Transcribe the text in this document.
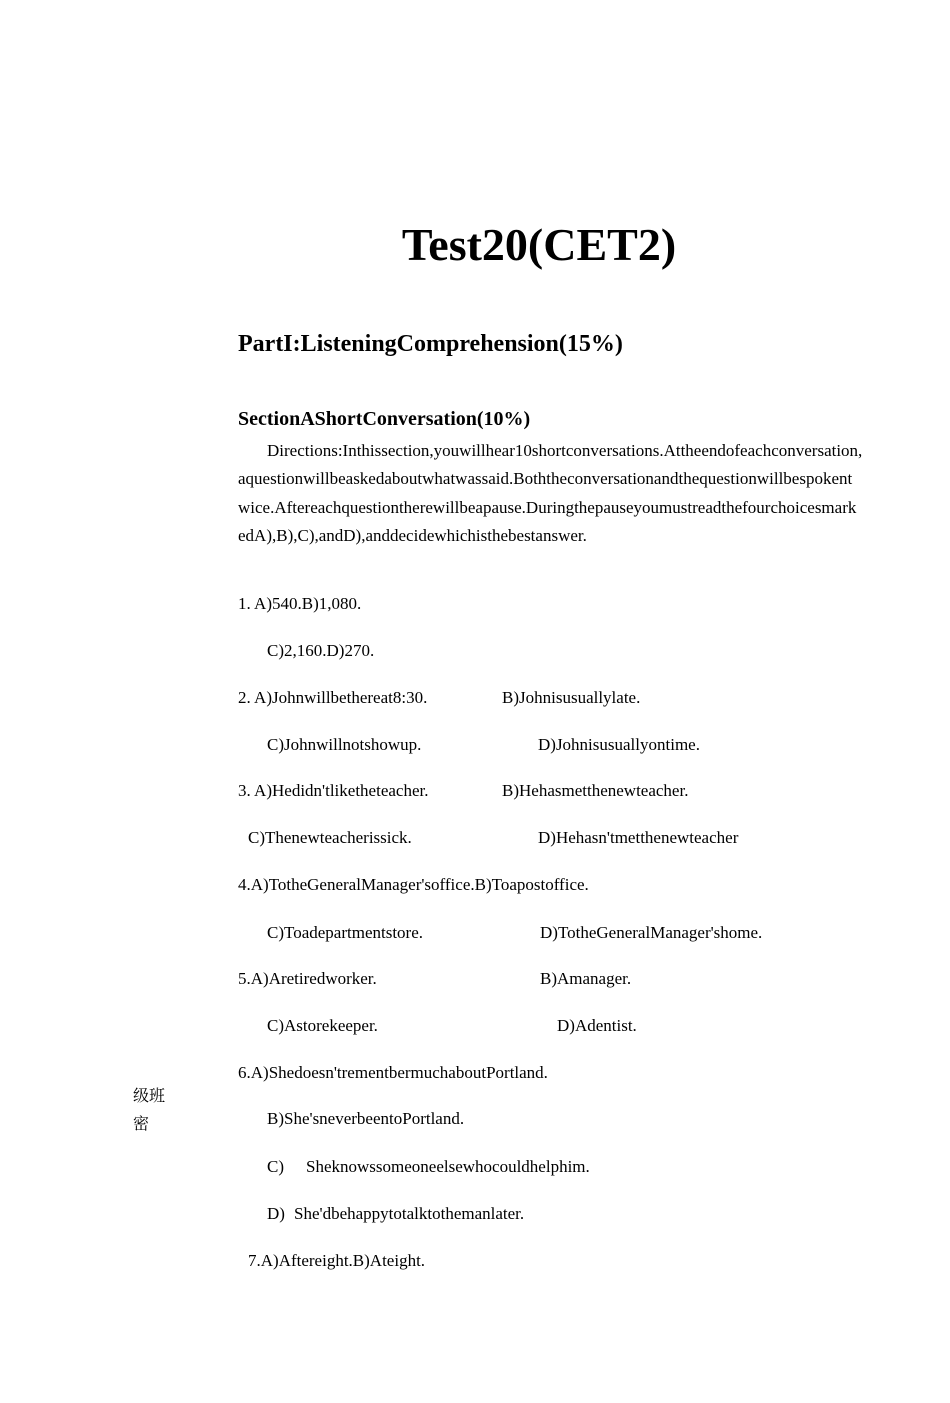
Test20(CET2)
PartI:ListeningComprehension(15%)
SectionAShortConversation(10%)
Directions:Inthissection,youwillhear10shortconversations.Attheendofeachconversation,
aquestionwillbeaskedaboutwhatwassaid.Boththeconversationandthequestionwillbespokent
wice.Aftereachquestiontherewillbeapause.Duringthepauseyoumustreadthefourchoicesmark
edA),B),C),andD),anddecidewhichisthebestanswer.
1. A)540.B)1,080.
C)2,160.D)270.
2. A)Johnwillbethereat8:30.	B)Johnisusuallylate.
C)Johnwillnotshowup.	D)Johnisusuallyontime.
3. A)Hedidn'tliketheteacher.	B)Hehasmetthenewteacher.
C)Thenewteacherissick.	D)Hehasn'tmetthenewteacher
4.A)TotheGeneralManager'soffice.B)Toapostoffice.
C)Toadepartmentstore.	D)TotheGeneralManager'shome.
5.A)Aretiredworker.	B)Amanager.
C)Astorekeeper.	D)Adentist.
6.A)Shedoesn'trementbermuchaboutPortland.
B)She'sneverbeentoPortland.
C) Sheknowssomeoneelsewhocouldhelphim.
D) She'dbehappytotalktothemanlater.
7.A)Aftereight.B)Ateight.
级班
密
